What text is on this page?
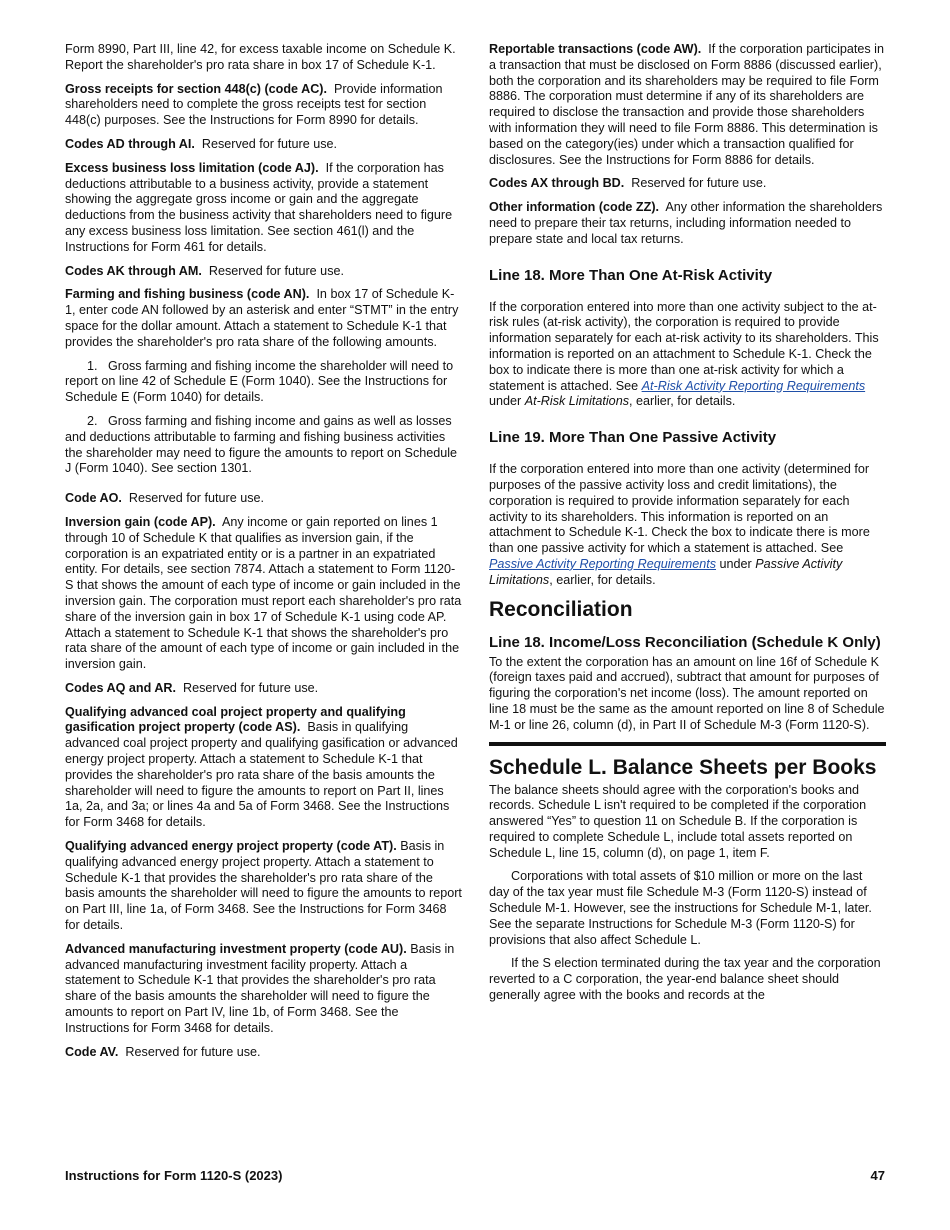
Form 8990, Part III, line 42, for excess taxable income on Schedule K. Report the shareholder's pro rata share in box 17 of Schedule K-1.

Gross receipts for section 448(c) (code AC). Provide information shareholders need to complete the gross receipts test for section 448(c) purposes. See the Instructions for Form 8990 for details.

Codes AD through AI. Reserved for future use.

Excess business loss limitation (code AJ). If the corporation has deductions attributable to a business activity, provide a statement showing the aggregate gross income or gain and the aggregate deductions from the business activity that shareholders need to figure any excess business loss limitation. See section 461(l) and the Instructions for Form 461 for details.

Codes AK through AM. Reserved for future use.

Farming and fishing business (code AN). In box 17 of Schedule K-1, enter code AN followed by an asterisk and enter “STMT” in the entry space for the dollar amount. Attach a statement to Schedule K-1 that provides the shareholder's pro rata share of the following amounts.

1.   Gross farming and fishing income the shareholder will need to report on line 42 of Schedule E (Form 1040). See the Instructions for Schedule E (Form 1040) for details.

2.   Gross farming and fishing income and gains as well as losses and deductions attributable to farming and fishing business activities the shareholder may need to figure the amounts to report on Schedule J (Form 1040). See section 1301.

Code AO. Reserved for future use.

Inversion gain (code AP). Any income or gain reported on lines 1 through 10 of Schedule K that qualifies as inversion gain, if the corporation is an expatriated entity or is a partner in an expatriated entity. For details, see section 7874. Attach a statement to Form 1120-S that shows the amount of each type of income or gain included in the inversion gain. The corporation must report each shareholder's pro rata share of the inversion gain in box 17 of Schedule K-1 using code AP. Attach a statement to Schedule K-1 that shows the shareholder's pro rata share of the amount of each type of income or gain included in the inversion gain.

Codes AQ and AR. Reserved for future use.

Qualifying advanced coal project property and qualifying gasification project property (code AS). Basis in qualifying advanced coal project property and qualifying gasification or advanced energy project property. Attach a statement to Schedule K-1 that provides the shareholder's pro rata share of the basis amounts the shareholder will need to figure the amounts to report on Part II, lines 1a, 2a, and 3a; or lines 4a and 5a of Form 3468. See the Instructions for Form 3468 for details.

Qualifying advanced energy project property (code AT). Basis in qualifying advanced energy project property. Attach a statement to Schedule K-1 that provides the shareholder's pro rata share of the basis amounts the shareholder will need to figure the amounts to report on Part III, line 1a, of Form 3468. See the Instructions for Form 3468 for details.

Advanced manufacturing investment property (code AU). Basis in advanced manufacturing investment facility property. Attach a statement to Schedule K-1 that provides the shareholder's pro rata share of the basis amounts the shareholder will need to figure the amounts to report on Part IV, line 1b, of Form 3468. See the Instructions for Form 3468 for details.

Code AV. Reserved for future use.

Reportable transactions (code AW). If the corporation participates in a transaction that must be disclosed on Form 8886 (discussed earlier), both the corporation and its shareholders may be required to file Form 8886. The corporation must determine if any of its shareholders are required to disclose the transaction and provide those shareholders with information they will need to file Form 8886. This determination is based on the category(ies) under which a transaction qualified for disclosures. See the Instructions for Form 8886 for details.

Codes AX through BD. Reserved for future use.

Other information (code ZZ). Any other information the shareholders need to prepare their tax returns, including information needed to prepare state and local tax returns.

Line 18. More Than One At-Risk Activity

If the corporation entered into more than one activity subject to the at-risk rules (at-risk activity), the corporation is required to provide information separately for each at-risk activity to its shareholders. This information is reported on an attachment to Schedule K-1. Check the box to indicate there is more than one at-risk activity for which a statement is attached. See At-Risk Activity Reporting Requirements under At-Risk Limitations, earlier, for details.

Line 19. More Than One Passive Activity

If the corporation entered into more than one activity (determined for purposes of the passive activity loss and credit limitations), the corporation is required to provide information separately for each activity to its shareholders. This information is reported on an attachment to Schedule K-1. Check the box to indicate there is more than one passive activity for which a statement is attached. See Passive Activity Reporting Requirements under Passive Activity Limitations, earlier, for details.

Reconciliation
Line 18. Income/Loss Reconciliation (Schedule K Only)

To the extent the corporation has an amount on line 16f of Schedule K (foreign taxes paid and accrued), subtract that amount for purposes of figuring the corporation's net income (loss). The amount reported on line 18 must be the same as the amount reported on line 8 of Schedule M-1 or line 26, column (d), in Part II of Schedule M-3 (Form 1120-S).

Schedule L. Balance Sheets per Books

The balance sheets should agree with the corporation's books and records. Schedule L isn't required to be completed if the corporation answered “Yes” to question 11 on Schedule B. If the corporation is required to complete Schedule L, include total assets reported on Schedule L, line 15, column (d), on page 1, item F.

Corporations with total assets of $10 million or more on the last day of the tax year must file Schedule M-3 (Form 1120-S) instead of Schedule M-1. However, see the instructions for Schedule M-1, later. See the separate Instructions for Schedule M-3 (Form 1120-S) for provisions that also affect Schedule L.

If the S election terminated during the tax year and the corporation reverted to a C corporation, the year-end balance sheet should generally agree with the books and records at the

Instructions for Form 1120-S (2023)	47
